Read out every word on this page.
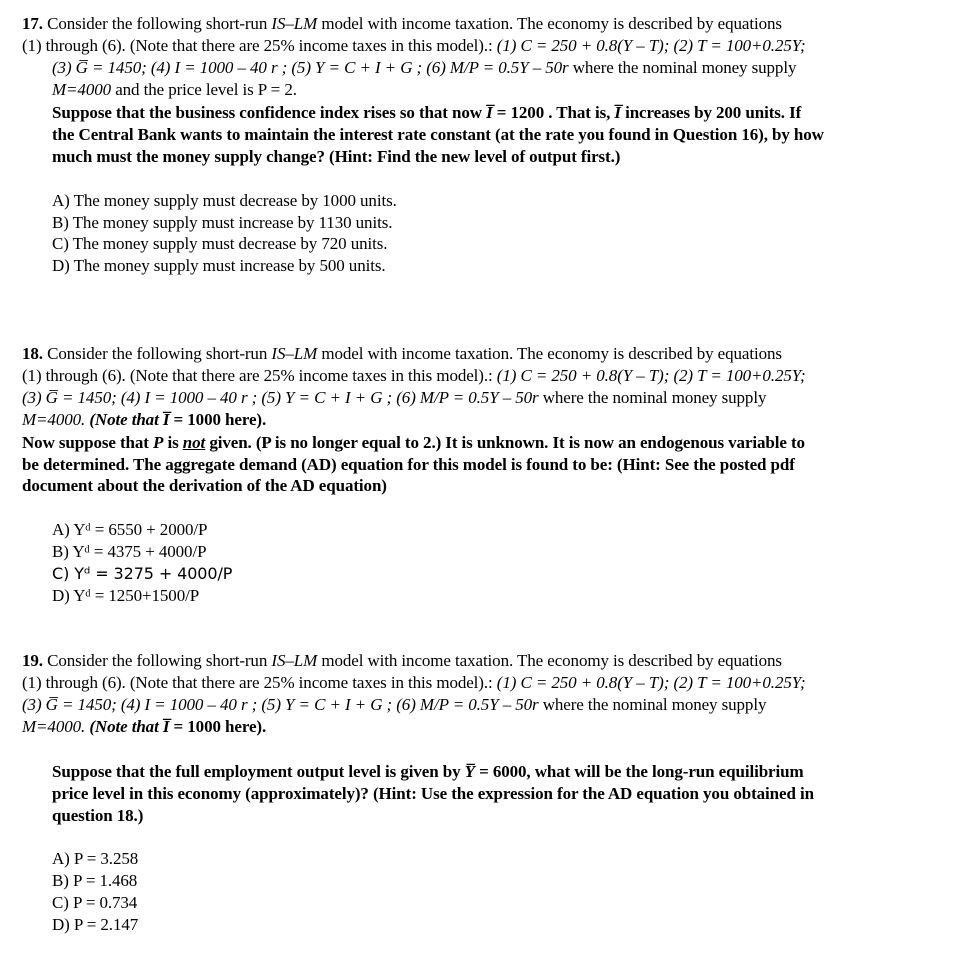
17. Consider the following short-run IS–LM model with income taxation. The economy is described by equations
(1) through (6). (Note that there are 25% income taxes in this model).: (1) C = 250 + 0.8(Y – T); (2) T = 100+0.25Y;
(3) G̅ = 1450; (4) I = 1000 – 40 r ; (5) Y = C + I + G ; (6) M/P = 0.5Y – 50r where the nominal money supply
M=4000 and the price level is P = 2.
Suppose that the business confidence index rises so that now I̅ = 1200 . That is, I̅ increases by 200 units. If
the Central Bank wants to maintain the interest rate constant (at the rate you found in Question 16), by how
much must the money supply change? (Hint: Find the new level of output first.)
A) The money supply must decrease by 1000 units.
B) The money supply must increase by 1130 units.
C) The money supply must decrease by 720 units.
D) The money supply must increase by 500 units.
18. Consider the following short-run IS–LM model with income taxation. The economy is described by equations
(1) through (6). (Note that there are 25% income taxes in this model).: (1) C = 250 + 0.8(Y – T); (2) T = 100+0.25Y;
(3) G̅ = 1450; (4) I = 1000 – 40 r ; (5) Y = C + I + G ; (6) M/P = 0.5Y – 50r where the nominal money supply
M=4000. (Note that I̅ = 1000 here).
Now suppose that P is not given. (P is no longer equal to 2.) It is unknown. It is now an endogenous variable to
be determined. The aggregate demand (AD) equation for this model is found to be: (Hint: See the posted pdf
document about the derivation of the AD equation)
A) Yᵈ = 6550 + 2000/P
B) Yᵈ = 4375 + 4000/P
C) Yᵈ = 3275 + 4000/P
D) Yᵈ = 1250+1500/P
19. Consider the following short-run IS–LM model with income taxation. The economy is described by equations
(1) through (6). (Note that there are 25% income taxes in this model).: (1) C = 250 + 0.8(Y – T); (2) T = 100+0.25Y;
(3) G̅ = 1450; (4) I = 1000 – 40 r ; (5) Y = C + I + G ; (6) M/P = 0.5Y – 50r where the nominal money supply
M=4000. (Note that I̅ = 1000 here).
Suppose that the full employment output level is given by Y̅ = 6000, what will be the long-run equilibrium
price level in this economy (approximately)? (Hint: Use the expression for the AD equation you obtained in
question 18.)
A) P = 3.258
B) P = 1.468
C) P = 0.734
D) P = 2.147
